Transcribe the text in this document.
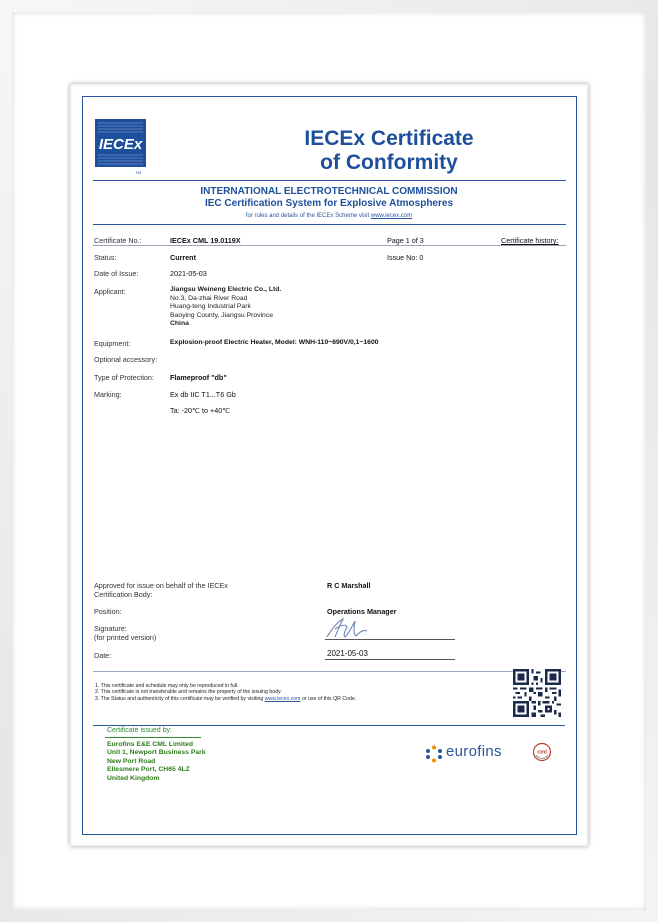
IECEx
TM
IECEx Certificate
of Conformity
INTERNATIONAL ELECTROTECHNICAL COMMISSION
IEC Certification System for Explosive Atmospheres
for rules and details of the IECEx Scheme visit www.iecex.com
Certificate No.:	IECEx CML 19.0119X	Page 1 of 3	Certificate history:
Status:	Current	Issue No: 0
Date of Issue:	2021-05-03
Applicant:	Jiangsu Weineng Electric Co., Ltd.
No.3, Da-zhai River Road
Huang-teng Industrial Park
Baoying County, Jiangsu Province
China
Equipment:	Explosion-proof Electric Heater, Model: WNH-110~690V/0,1~1600
Optional accessory:
Type of Protection: Flameproof "db"
Marking:	Ex db IIC T1...T6 Gb
Ta: -20℃ to +40℃
Approved for issue on behalf of the IECEx
Certification Body:
R C Marshall
Position:	Operations Manager
Signature:
(for printed version)
Date:	2021-05-03
1. This certificate and schedule may only be reproduced in full.
2. This certificate is not transferable and remains the property of the issuing body.
3. The Status and authenticity of this certificate may be verified by visiting www.iecex.com or use of this QR Code.
Certificate issued by:
Eurofins E&E CML Limited
Unit 1, Newport Business Park
New Port Road
Ellesmere Port, CH65 4LZ
United Kingdom
eurofins	cml
